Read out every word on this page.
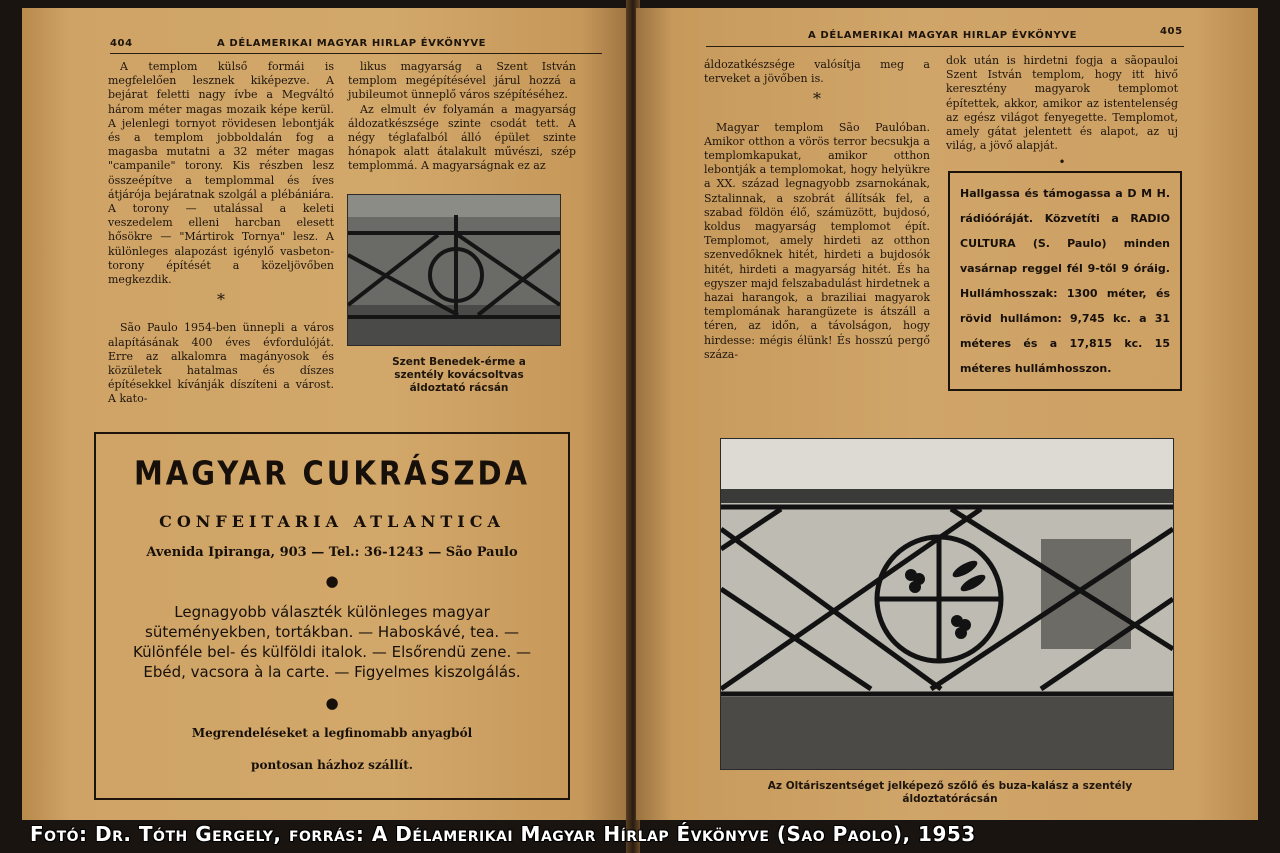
404	A DÉLAMERIKAI MAGYAR HIRLAP ÉVKÖNYVE

A templom külső formái is megfelelően lesznek kiképezve. A bejárat feletti nagy ívbe a Megváltó három méter magas mozaik képe kerül. A jelenlegi tornyot rövidesen lebontják és a templom jobboldalán fog a magasba mutatni a 32 méter magas "campanile" torony. Kis részben lesz összeépítve a templommal és íves átjárója bejáratnak szolgál a plébániára. A torony — utalással a keleti veszedelem elleni harcban elesett hősökre — "Mártirok Tornya" lesz. A különleges alapozást igénylő vasbeton-torony építését a közeljövőben megkezdik.

*

São Paulo 1954-ben ünnepli a város alapításának 400 éves évfordulóját. Erre az alkalomra magányosok és közületek hatalmas és díszes építésekkel kívánják díszíteni a várost. A kato-

likus magyarság a Szent István templom megépítésével járul hozzá a jubileumot ünneplő város szépítéséhez.

Az elmult év folyamán a magyarság áldozatkészsége szinte csodát tett. A négy téglafalból álló épület szinte hónapok alatt átalakult művészi, szép templommá. A magyarságnak ez az

Szent Benedek-érme a szentély kovácsoltvas áldoztató rácsán
MAGYAR CUKRÁSZDA
CONFEITARIA ATLANTICA
Avenida Ipiranga, 903 — Tel.: 36-1243 — São Paulo
●
Legnagyobb választék különleges magyar süteményekben, tortákban. — Haboskávé, tea. — Különféle bel- és külföldi italok. — Elsőrendü zene. — Ebéd, vacsora à la carte. — Figyelmes kiszolgálás.
●
Megrendeléseket a legfinomabb anyagból
pontosan házhoz szállít.
A DÉLAMERIKAI MAGYAR HIRLAP ÉVKÖNYVE	405

áldozatkészsége valósítja meg a terveket a jövőben is.

*

Magyar templom São Paulóban. Amikor otthon a vörös terror becsukja a templomkapukat, amikor otthon lebontják a templomokat, hogy helyükre a XX. század legnagyobb zsarnokának, Sztalinnak, a szobrát állítsák fel, a szabad földön élő, számüzött, bujdosó, koldus magyarság templomot épít. Templomot, amely hirdeti az otthon szenvedőknek hitét, hirdeti a bujdosók hitét, hirdeti a magyarság hitét. És ha egyszer majd felszabadulást hirdetnek a hazai harangok, a braziliai magyarok templomának harangüzete is átszáll a téren, az időn, a távolságon, hogy hirdesse: mégis élünk! És hosszú pergő száza-

dok után is hirdetni fogja a sãopauloi Szent István templom, hogy itt hivő keresztény magyarok templomot építettek, akkor, amikor az istentelenség az egész világot fenyegette. Templomot, amely gátat jelentett és alapot, az uj világ, a jövő alapját.

•
Hallgassa és támogassa a D M H. rádióóráját. Közvetíti a RADIO CULTURA (S. Paulo) minden vasárnap reggel fél 9-től 9 óráig. Hullámhosszak: 1300 méter, és rövid hullámon: 9,745 kc. a 31 méteres és a 17,815 kc. 15 méteres hullámhosszon.
Az Oltáriszentséget jelképező szőlő és buza-kalász a szentély áldoztatórácsán
Fotó: Dr. Tóth Gergely, forrás: A Délamerikai Magyar Hírlap Évkönyve (Sao Paolo), 1953
